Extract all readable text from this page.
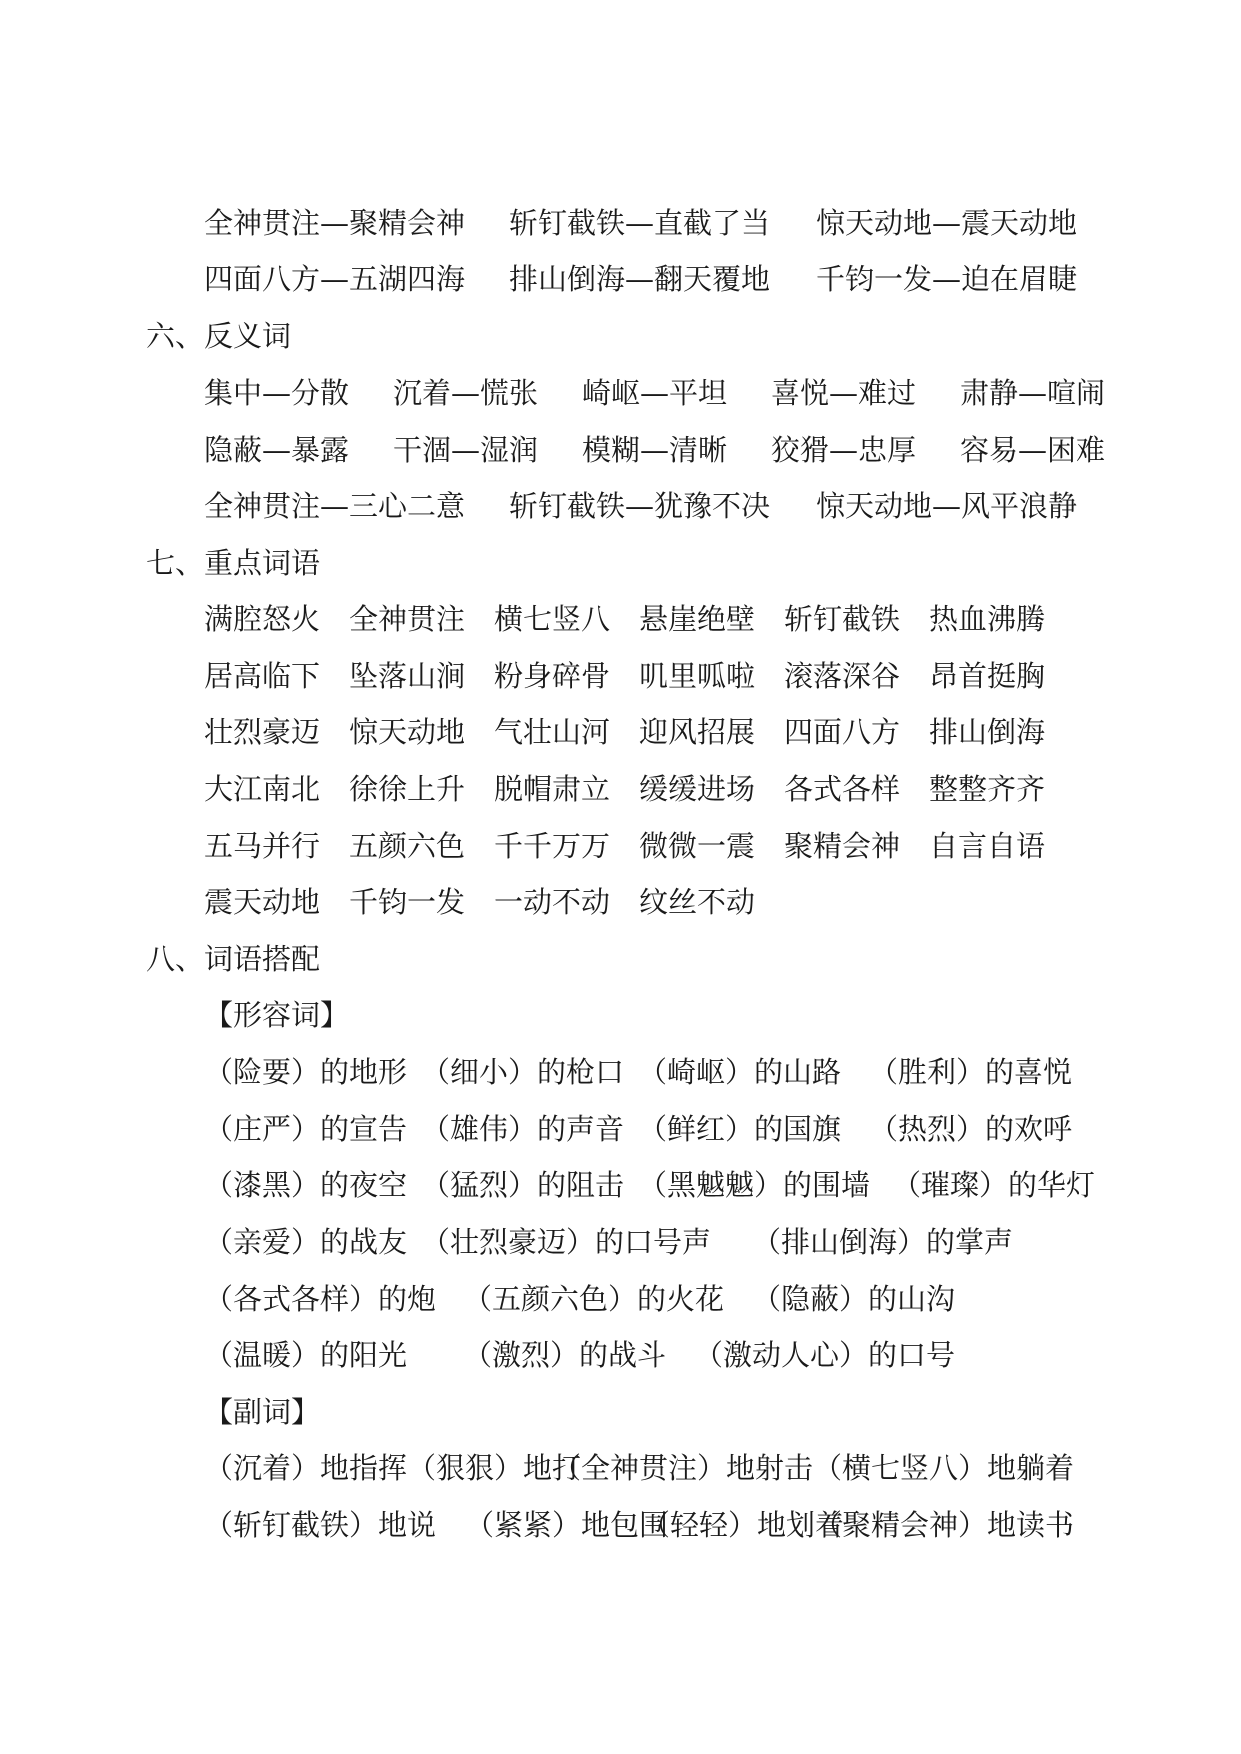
全神贯注—聚精会神 斩钉截铁—直截了当 惊天动地—震天动地
四面八方—五湖四海 排山倒海—翻天覆地 千钧一发—迫在眉睫
六、反义词
集中—分散 沉着—慌张 崎岖—平坦 喜悦—难过 肃静—喧闹
隐蔽—暴露 干涸—湿润 模糊—清晰 狡猾—忠厚 容易—困难
全神贯注—三心二意 斩钉截铁—犹豫不决 惊天动地—风平浪静
七、重点词语
满腔怒火 全神贯注 横七竖八 悬崖绝壁 斩钉截铁 热血沸腾
居高临下 坠落山涧 粉身碎骨 叽里呱啦 滚落深谷 昂首挺胸
壮烈豪迈 惊天动地 气壮山河 迎风招展 四面八方 排山倒海
大江南北 徐徐上升 脱帽肃立 缓缓进场 各式各样 整整齐齐
五马并行 五颜六色 千千万万 微微一震 聚精会神 自言自语
震天动地 千钧一发 一动不动 纹丝不动
八、词语搭配
【形容词】
（险要）的地形 （细小）的枪口 （崎岖）的山路 （胜利）的喜悦
（庄严）的宣告 （雄伟）的声音 （鲜红）的国旗 （热烈）的欢呼
（漆黑）的夜空 （猛烈）的阻击 （黑魆魆）的围墙 （璀璨）的华灯
（亲爱）的战友 （壮烈豪迈）的口号声 （排山倒海）的掌声
（各式各样）的炮 （五颜六色）的火花 （隐蔽）的山沟
（温暖）的阳光 （激烈）的战斗 （激动人心）的口号
【副词】
（沉着）地指挥 （狠狠）地打
（全神贯注）地射击 （横七竖八）地躺着
（斩钉截铁）地说 （紧紧）地包围
（轻轻）地划着
（聚精会神）地读书
